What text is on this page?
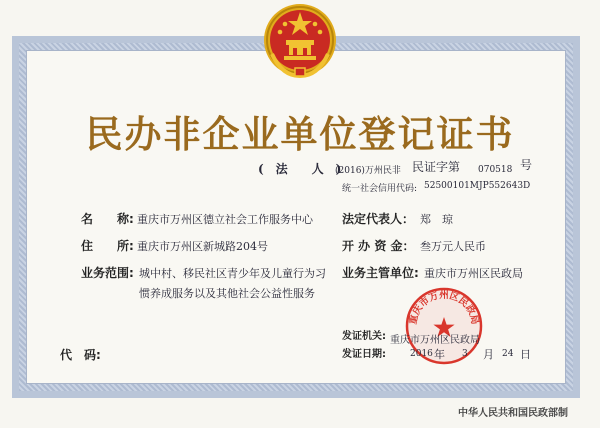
民办非企业单位登记证书
(　法　　人　)
(2016)万州民非 民证字第 070518 号
统一社会信用代码: 52500101MJP552643D
名　　称: 重庆市万州区德立社会工作服务中心
住　　所: 重庆市万州区新城路204号
业务范围: 城中村、移民社区青少年及儿童行为习
惯养成服务以及其他社会公益性服务
代　码:
法定代表人： 郑　琼
开 办 资 金： 叁万元人民币
业务主管单位: 重庆市万州区民政局
重庆市万州区民政局
发证机关: 重庆市万州区民政局
发证日期:	2016 年 3 月 24 日
中华人民共和国民政部制
